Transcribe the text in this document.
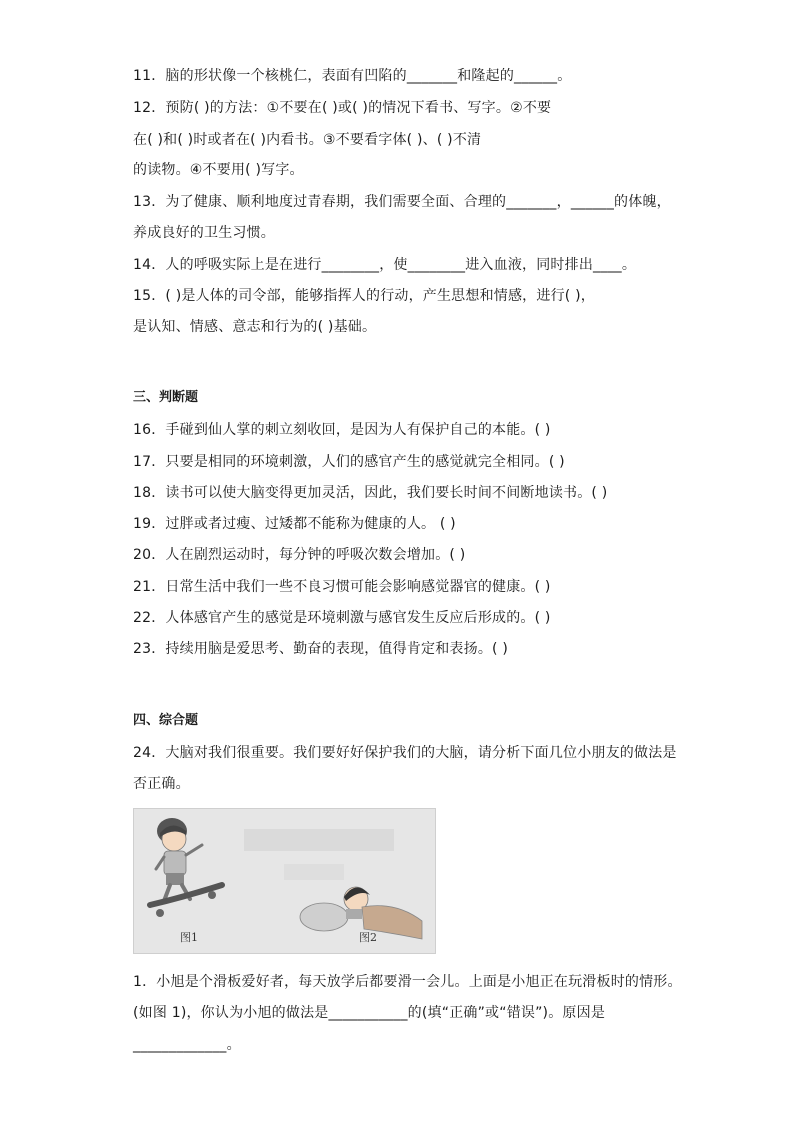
11．脑的形状像一个核桃仁，表面有凹陷的_______和隆起的______。
12．预防( )的方法：①不要在( )或( )的情况下看书、写字。②不要
在( )和( )时或者在( )内看书。③不要看字体( )、( )不清
的读物。④不要用( )写字。
13．为了健康、顺利地度过青春期，我们需要全面、合理的_______，______的体魄，
养成良好的卫生习惯。
14．人的呼吸实际上是在进行________，使________进入血液，同时排出____。
15．( )是人体的司令部，能够指挥人的行动，产生思想和情感，进行( )，
是认知、情感、意志和行为的( )基础。
三、判断题
16．手碰到仙人掌的刺立刻收回，是因为人有保护自己的本能。( )
17．只要是相同的环境刺激，人们的感官产生的感觉就完全相同。( )
18．读书可以使大脑变得更加灵活，因此，我们要长时间不间断地读书。( )
19．过胖或者过瘦、过矮都不能称为健康的人。 ( )
20．人在剧烈运动时，每分钟的呼吸次数会增加。( )
21．日常生活中我们一些不良习惯可能会影响感觉器官的健康。( )
22．人体感官产生的感觉是环境刺激与感官发生反应后形成的。( )
23．持续用脑是爱思考、勤奋的表现，值得肯定和表扬。( )
四、综合题
24．大脑对我们很重要。我们要好好保护我们的大脑，请分析下面几位小朋友的做法是
否正确。
图1	图2
1．小旭是个滑板爱好者，每天放学后都要滑一会儿。上面是小旭正在玩滑板时的情形。
(如图 1)，你认为小旭的做法是___________的(填“正确”或“错误”)。原因是
_____________。
